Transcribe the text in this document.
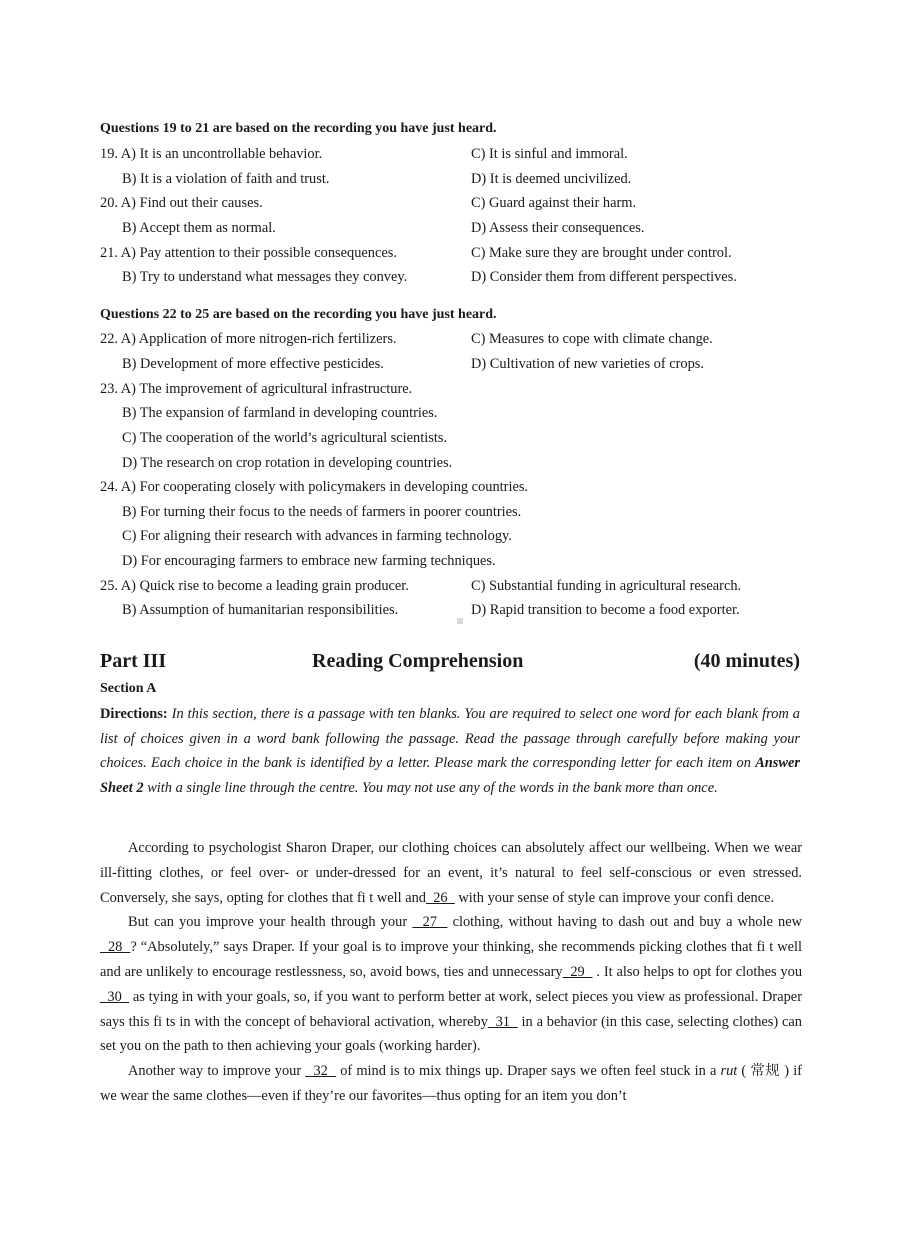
Questions 19 to 21 are based on the recording you have just heard.
19. A) It is an uncontrollable behavior.	C) It is sinful and immoral.
B) It is a violation of faith and trust.	D) It is deemed uncivilized.
20. A) Find out their causes.	C) Guard against their harm.
B) Accept them as normal.	D) Assess their consequences.
21. A) Pay attention to their possible consequences.	C) Make sure they are brought under control.
B) Try to understand what messages they convey.	D) Consider them from different perspectives.
Questions 22 to 25 are based on the recording you have just heard.
22. A) Application of more nitrogen-rich fertilizers.	C) Measures to cope with climate change.
B) Development of more effective pesticides.	D) Cultivation of new varieties of crops.
23. A) The improvement of agricultural infrastructure.
B) The expansion of farmland in developing countries.
C) The cooperation of the world’s agricultural scientists.
D) The research on crop rotation in developing countries.
24. A) For cooperating closely with policymakers in developing countries.
B) For turning their focus to the needs of farmers in poorer countries.
C) For aligning their research with advances in farming technology.
D) For encouraging farmers to embrace new farming techniques.
25. A) Quick rise to become a leading grain producer.	C) Substantial funding in agricultural research.
B) Assumption of humanitarian responsibilities.	D) Rapid transition to become a food exporter.
Part III	Reading Comprehension	(40 minutes)
Section A
Directions: In this section, there is a passage with ten blanks. You are required to select one word for each blank from a list of choices given in a word bank following the passage. Read the passage through carefully before making your choices. Each choice in the bank is identified by a letter. Please mark the corresponding letter for each item on Answer Sheet 2 with a single line through the centre. You may not use any of the words in the bank more than once.

According to psychologist Sharon Draper, our clothing choices can absolutely affect our wellbeing. When we wear ill-fitting clothes, or feel over- or under-dressed for an event, it’s natural to feel self-conscious or even stressed. Conversely, she says, opting for clothes that fi t well and  26   with your sense of style can improve your confi dence.

But can you improve your health through your   27   clothing, without having to dash out and buy a whole new   28  ? “Absolutely,” says Draper. If your goal is to improve your thinking, she recommends picking clothes that fi t well and are unlikely to encourage restlessness, so, avoid bows, ties and unnecessary  29   . It also helps to opt for clothes you   30   as tying in with your goals, so, if you want to perform better at work, select pieces you view as professional. Draper says this fi ts in with the concept of behavioral activation, whereby  31   in a behavior (in this case, selecting clothes) can set you on the path to then achieving your goals (working harder).

Another way to improve your   32   of mind is to mix things up. Draper says we often feel stuck in a rut ( 常规 ) if we wear the same clothes—even if they’re our favorites—thus opting for an item you don’t
